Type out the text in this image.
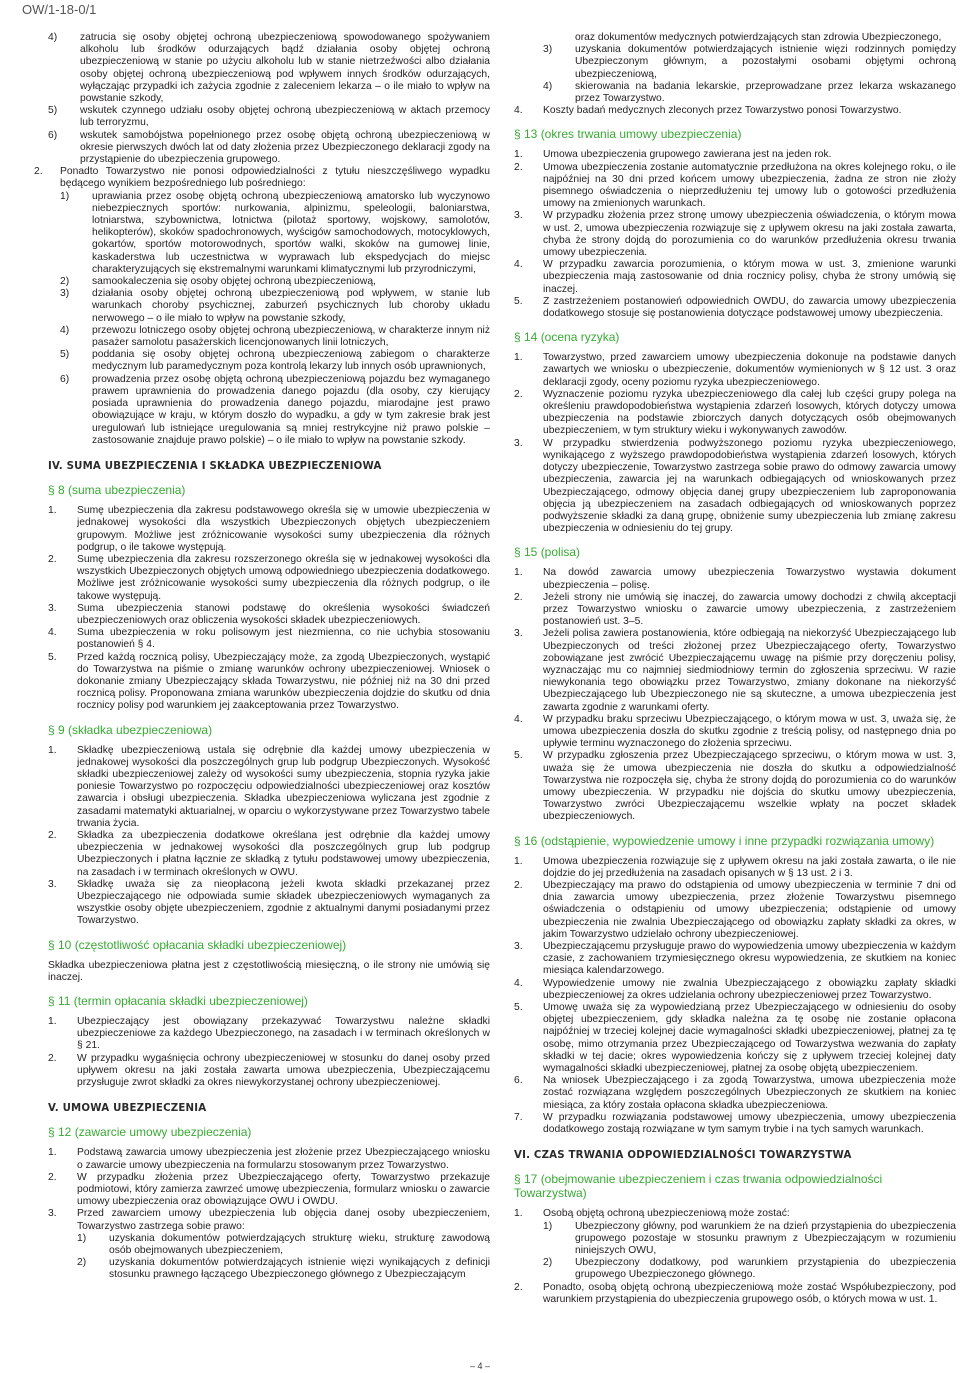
OW/1-18-0/1
4)	zatrucia się osoby objętej ochroną ubezpieczeniową spowodowanego spożywaniem alkoholu lub środków odurzających bądź działania osoby objętej ochroną ubezpieczeniową w stanie po użyciu alkoholu lub w stanie nietrzeźwości albo działania osoby objętej ochroną ubezpieczeniową pod wpływem innych środków odurzających, wyłączając przypadki ich zażycia zgodnie z zaleceniem lekarza – o ile miało to wpływ na powstanie szkody,
5)	wskutek czynnego udziału osoby objętej ochroną ubezpieczeniową w aktach przemocy lub terroryzmu,
6)	wskutek samobójstwa popełnionego przez osobę objętą ochroną ubezpieczeniową w okresie pierwszych dwóch lat od daty złożenia przez Ubezpieczonego deklaracji zgody na przystąpienie do ubezpieczenia grupowego.
2.	Ponadto Towarzystwo nie ponosi odpowiedzialności z tytułu nieszczęśliwego wypadku będącego wynikiem bezpośredniego lub pośredniego:
1)	uprawiania przez osobę objętą ochroną ubezpieczeniową amatorsko lub wyczynowo niebezpiecznych sportów: nurkowania, alpinizmu, speleologii, baloniarstwa, lotniarstwa, szybownictwa, lotnictwa (pilotaż sportowy, wojskowy, samolotów, helikopterów), skoków spadochronowych, wyścigów samochodowych, motocyklowych, gokartów, sportów motorowodnych, sportów walki, skoków na gumowej linie, kaskaderstwa lub uczestnictwa w wyprawach lub ekspedycjach do miejsc charakteryzujących się ekstremalnymi warunkami klimatycznymi lub przyrodniczymi,
2)	samookaleczenia się osoby objętej ochroną ubezpieczeniową,
3)	działania osoby objętej ochroną ubezpieczeniową pod wpływem, w stanie lub warunkach choroby psychicznej, zaburzeń psychicznych lub choroby układu nerwowego – o ile miało to wpływ na powstanie szkody,
4)	przewozu lotniczego osoby objętej ochroną ubezpieczeniową, w charakterze innym niż pasażer samolotu pasażerskich licencjonowanych linii lotniczych,
5)	poddania się osoby objętej ochroną ubezpieczeniową zabiegom o charakterze medycznym lub paramedycznym poza kontrolą lekarzy lub innych osób uprawnionych,
6)	prowadzenia przez osobę objętą ochroną ubezpieczeniową pojazdu bez wymaganego prawem uprawnienia do prowadzenia danego pojazdu (dla osoby, czy kierujący posiada uprawnienia do prowadzenia danego pojazdu, miarodajne jest prawo obowiązujące w kraju, w którym doszło do wypadku, a gdy w tym zakresie brak jest uregulowań lub istniejące uregulowania są mniej restrykcyjne niż prawo polskie – zastosowanie znajduje prawo polskie) – o ile miało to wpływ na powstanie szkody.
IV. SUMA UBEZPIECZENIA I SKŁADKA UBEZPIECZENIOWA
§ 8 (suma ubezpieczenia)
1.	Sumę ubezpieczenia dla zakresu podstawowego określa się w umowie ubezpieczenia w jednakowej wysokości dla wszystkich Ubezpieczonych objętych ubezpieczeniem grupowym. Możliwe jest zróżnicowanie wysokości sumy ubezpieczenia dla różnych podgrup, o ile takowe występują.
2.	Sumę ubezpieczenia dla zakresu rozszerzonego określa się w jednakowej wysokości dla wszystkich Ubezpieczonych objętych umową odpowiedniego ubezpieczenia dodatkowego. Możliwe jest zróżnicowanie wysokości sumy ubezpieczenia dla różnych podgrup, o ile takowe występują.
3.	Suma ubezpieczenia stanowi podstawę do określenia wysokości świadczeń ubezpieczeniowych oraz obliczenia wysokości składek ubezpieczeniowych.
4.	Suma ubezpieczenia w roku polisowym jest niezmienna, co nie uchybia stosowaniu postanowień § 4.
5.	Przed każdą rocznicą polisy, Ubezpieczający może, za zgodą Ubezpieczonych, wystąpić do Towarzystwa na piśmie o zmianę warunków ochrony ubezpieczeniowej. Wniosek o dokonanie zmiany Ubezpieczający składa Towarzystwu, nie później niż na 30 dni przed rocznicą polisy. Proponowana zmiana warunków ubezpieczenia dojdzie do skutku od dnia rocznicy polisy pod warunkiem jej zaakceptowania przez Towarzystwo.
§ 9 (składka ubezpieczeniowa)
1.	Składkę ubezpieczeniową ustala się odrębnie dla każdej umowy ubezpieczenia w jednakowej wysokości dla poszczególnych grup lub podgrup Ubezpieczonych. Wysokość składki ubezpieczeniowej zależy od wysokości sumy ubezpieczenia, stopnia ryzyka jakie poniesie Towarzystwo po rozpoczęciu odpowiedzialności ubezpieczeniowej oraz kosztów zawarcia i obsługi ubezpieczenia. Składka ubezpieczeniowa wyliczana jest zgodnie z zasadami matematyki aktuarialnej, w oparciu o wykorzystywane przez Towarzystwo tabele trwania życia.
2.	Składka za ubezpieczenia dodatkowe określana jest odrębnie dla każdej umowy ubezpieczenia w jednakowej wysokości dla poszczególnych grup lub podgrup Ubezpieczonych i płatna łącznie ze składką z tytułu podstawowej umowy ubezpieczenia, na zasadach i w terminach określonych w OWU.
3.	Składkę uważa się za nieopłaconą jeżeli kwota składki przekazanej przez Ubezpieczającego nie odpowiada sumie składek ubezpieczeniowych wymaganych za wszystkie osoby objęte ubezpieczeniem, zgodnie z aktualnymi danymi posiadanymi przez Towarzystwo.
§ 10 (częstotliwość opłacania składki ubezpieczeniowej)
Składka ubezpieczeniowa płatna jest z częstotliwością miesięczną, o ile strony nie umówią się inaczej.
§ 11 (termin opłacania składki ubezpieczeniowej)
1.	Ubezpieczający jest obowiązany przekazywać Towarzystwu należne składki ubezpieczeniowe za każdego Ubezpieczonego, na zasadach i w terminach określonych w § 21.
2.	W przypadku wygaśnięcia ochrony ubezpieczeniowej w stosunku do danej osoby przed upływem okresu na jaki została zawarta umowa ubezpieczenia, Ubezpieczającemu przysługuje zwrot składki za okres niewykorzystanej ochrony ubezpieczeniowej.
V. UMOWA UBEZPIECZENIA
§ 12 (zawarcie umowy ubezpieczenia)
1.	Podstawą zawarcia umowy ubezpieczenia jest złożenie przez Ubezpieczającego wniosku o zawarcie umowy ubezpieczenia na formularzu stosowanym przez Towarzystwo.
2.	W przypadku złożenia przez Ubezpieczającego oferty, Towarzystwo przekazuje podmiotowi, który zamierza zawrzeć umowę ubezpieczenia, formularz wniosku o zawarcie umowy ubezpieczenia oraz obowiązujące OWU i OWDU.
3.	Przed zawarciem umowy ubezpieczenia lub objęcia danej osoby ubezpieczeniem, Towarzystwo zastrzega sobie prawo:
1)	uzyskania dokumentów potwierdzających strukturę wieku, strukturę zawodową osób obejmowanych ubezpieczeniem,
2)	uzyskania dokumentów potwierdzających istnienie więzi wynikających z definicji stosunku prawnego łączącego Ubezpieczonego głównego z Ubezpieczającym
oraz dokumentów medycznych potwierdzających stan zdrowia Ubezpieczonego,
3)	uzyskania dokumentów potwierdzających istnienie więzi rodzinnych pomiędzy Ubezpieczonym głównym, a pozostałymi osobami objętymi ochroną ubezpieczeniową,
4)	skierowania na badania lekarskie, przeprowadzane przez lekarza wskazanego przez Towarzystwo.
4.	Koszty badań medycznych zleconych przez Towarzystwo ponosi Towarzystwo.
§ 13 (okres trwania umowy ubezpieczenia)
1.	Umowa ubezpieczenia grupowego zawierana jest na jeden rok.
2.	Umowa ubezpieczenia zostanie automatycznie przedłużona na okres kolejnego roku, o ile najpóźniej na 30 dni przed końcem umowy ubezpieczenia, żadna ze stron nie złoży pisemnego oświadczenia o nieprzedłużeniu tej umowy lub o gotowości przedłużenia umowy na zmienionych warunkach.
3.	W przypadku złożenia przez stronę umowy ubezpieczenia oświadczenia, o którym mowa w ust. 2, umowa ubezpieczenia rozwiązuje się z upływem okresu na jaki została zawarta, chyba że strony dojdą do porozumienia co do warunków przedłużenia okresu trwania umowy ubezpieczenia.
4.	W przypadku zawarcia porozumienia, o którym mowa w ust. 3, zmienione warunki ubezpieczenia mają zastosowanie od dnia rocznicy polisy, chyba że strony umówią się inaczej.
5.	Z zastrzeżeniem postanowień odpowiednich OWDU, do zawarcia umowy ubezpieczenia dodatkowego stosuje się postanowienia dotyczące podstawowej umowy ubezpieczenia.
§ 14 (ocena ryzyka)
1.	Towarzystwo, przed zawarciem umowy ubezpieczenia dokonuje na podstawie danych zawartych we wniosku o ubezpieczenie, dokumentów wymienionych w § 12 ust. 3 oraz deklaracji zgody, oceny poziomu ryzyka ubezpieczeniowego.
2.	Wyznaczenie poziomu ryzyka ubezpieczeniowego dla całej lub części grupy polega na określeniu prawdopodobieństwa wystąpienia zdarzeń losowych, których dotyczy umowa ubezpieczenia na podstawie zbiorczych danych dotyczących osób obejmowanych ubezpieczeniem, w tym struktury wieku i wykonywanych zawodów.
3.	W przypadku stwierdzenia podwyższonego poziomu ryzyka ubezpieczeniowego, wynikającego z wyższego prawdopodobieństwa wystąpienia zdarzeń losowych, których dotyczy ubezpieczenie, Towarzystwo zastrzega sobie prawo do odmowy zawarcia umowy ubezpieczenia, zawarcia jej na warunkach odbiegających od wnioskowanych przez Ubezpieczającego, odmowy objęcia danej grupy ubezpieczeniem lub zaproponowania objęcia ją ubezpieczeniem na zasadach odbiegających od wnioskowanych poprzez podwyższenie składki za daną grupę, obniżenie sumy ubezpieczenia lub zmianę zakresu ubezpieczenia w odniesieniu do tej grupy.
§ 15 (polisa)
1.	Na dowód zawarcia umowy ubezpieczenia Towarzystwo wystawia dokument ubezpieczenia – polisę.
2.	Jeżeli strony nie umówią się inaczej, do zawarcia umowy dochodzi z chwilą akceptacji przez Towarzystwo wniosku o zawarcie umowy ubezpieczenia, z zastrzeżeniem postanowień ust. 3–5.
3.	Jeżeli polisa zawiera postanowienia, które odbiegają na niekorzyść Ubezpieczającego lub Ubezpieczonych od treści złożonej przez Ubezpieczającego oferty, Towarzystwo zobowiązane jest zwrócić Ubezpieczającemu uwagę na piśmie przy doręczeniu polisy, wyznaczając mu co najmniej siedmiodniowy termin do zgłoszenia sprzeciwu. W razie niewykonania tego obowiązku przez Towarzystwo, zmiany dokonane na niekorzyść Ubezpieczającego lub Ubezpieczonego nie są skuteczne, a umowa ubezpieczenia jest zawarta zgodnie z warunkami oferty.
4.	W przypadku braku sprzeciwu Ubezpieczającego, o którym mowa w ust. 3, uważa się, że umowa ubezpieczenia doszła do skutku zgodnie z treścią polisy, od następnego dnia po upływie terminu wyznaczonego do złożenia sprzeciwu.
5.	W przypadku zgłoszenia przez Ubezpieczającego sprzeciwu, o którym mowa w ust. 3, uważa się że umowa ubezpieczenia nie doszła do skutku a odpowiedzialność Towarzystwa nie rozpoczęła się, chyba że strony dojdą do porozumienia co do warunków umowy ubezpieczenia. W przypadku nie dojścia do skutku umowy ubezpieczenia, Towarzystwo zwróci Ubezpieczającemu wszelkie wpłaty na poczet składek ubezpieczeniowych.
§ 16 (odstąpienie, wypowiedzenie umowy i inne przypadki rozwiązania umowy)
1.	Umowa ubezpieczenia rozwiązuje się z upływem okresu na jaki została zawarta, o ile nie dojdzie do jej przedłużenia na zasadach opisanych w § 13 ust. 2 i 3.
2.	Ubezpieczający ma prawo do odstąpienia od umowy ubezpieczenia w terminie 7 dni od dnia zawarcia umowy ubezpieczenia, przez złożenie Towarzystwu pisemnego oświadczenia o odstąpieniu od umowy ubezpieczenia; odstąpienie od umowy ubezpieczenia nie zwalnia Ubezpieczającego od obowiązku zapłaty składki za okres, w jakim Towarzystwo udzielało ochrony ubezpieczeniowej.
3.	Ubezpieczającemu przysługuje prawo do wypowiedzenia umowy ubezpieczenia w każdym czasie, z zachowaniem trzymiesięcznego okresu wypowiedzenia, ze skutkiem na koniec miesiąca kalendarzowego.
4.	Wypowiedzenie umowy nie zwalnia Ubezpieczającego z obowiązku zapłaty składki ubezpieczeniowej za okres udzielania ochrony ubezpieczeniowej przez Towarzystwo.
5.	Umowę uważa się za wypowiedzianą przez Ubezpieczającego w odniesieniu do osoby objętej ubezpieczeniem, gdy składka należna za tę osobę nie zostanie opłacona najpóźniej w trzeciej kolejnej dacie wymagalności składki ubezpieczeniowej, płatnej za tę osobę, mimo otrzymania przez Ubezpieczającego od Towarzystwa wezwania do zapłaty składki w tej dacie; okres wypowiedzenia kończy się z upływem trzeciej kolejnej daty wymagalności składki ubezpieczeniowej, płatnej za osobę objętą ubezpieczeniem.
6.	Na wniosek Ubezpieczającego i za zgodą Towarzystwa, umowa ubezpieczenia może zostać rozwiązana względem poszczególnych Ubezpieczonych ze skutkiem na koniec miesiąca, za który została opłacona składka ubezpieczeniowa.
7.	W przypadku rozwiązania podstawowej umowy ubezpieczenia, umowy ubezpieczenia dodatkowego zostają rozwiązane w tym samym trybie i na tych samych warunkach.
VI. CZAS TRWANIA ODPOWIEDZIALNOŚCI TOWARZYSTWA
§ 17 (obejmowanie ubezpieczeniem i czas trwania odpowiedzialności Towarzystwa)
1.	Osobą objętą ochroną ubezpieczeniową może zostać:
1)	Ubezpieczony główny, pod warunkiem że na dzień przystąpienia do ubezpieczenia grupowego pozostaje w stosunku prawnym z Ubezpieczającym w rozumieniu niniejszych OWU,
2)	Ubezpieczony dodatkowy, pod warunkiem przystąpienia do ubezpieczenia grupowego Ubezpieczonego głównego.
2.	Ponadto, osobą objętą ochroną ubezpieczeniową może zostać Współubezpieczony, pod warunkiem przystąpienia do ubezpieczenia grupowego osób, o których mowa w ust. 1.
– 4 –
